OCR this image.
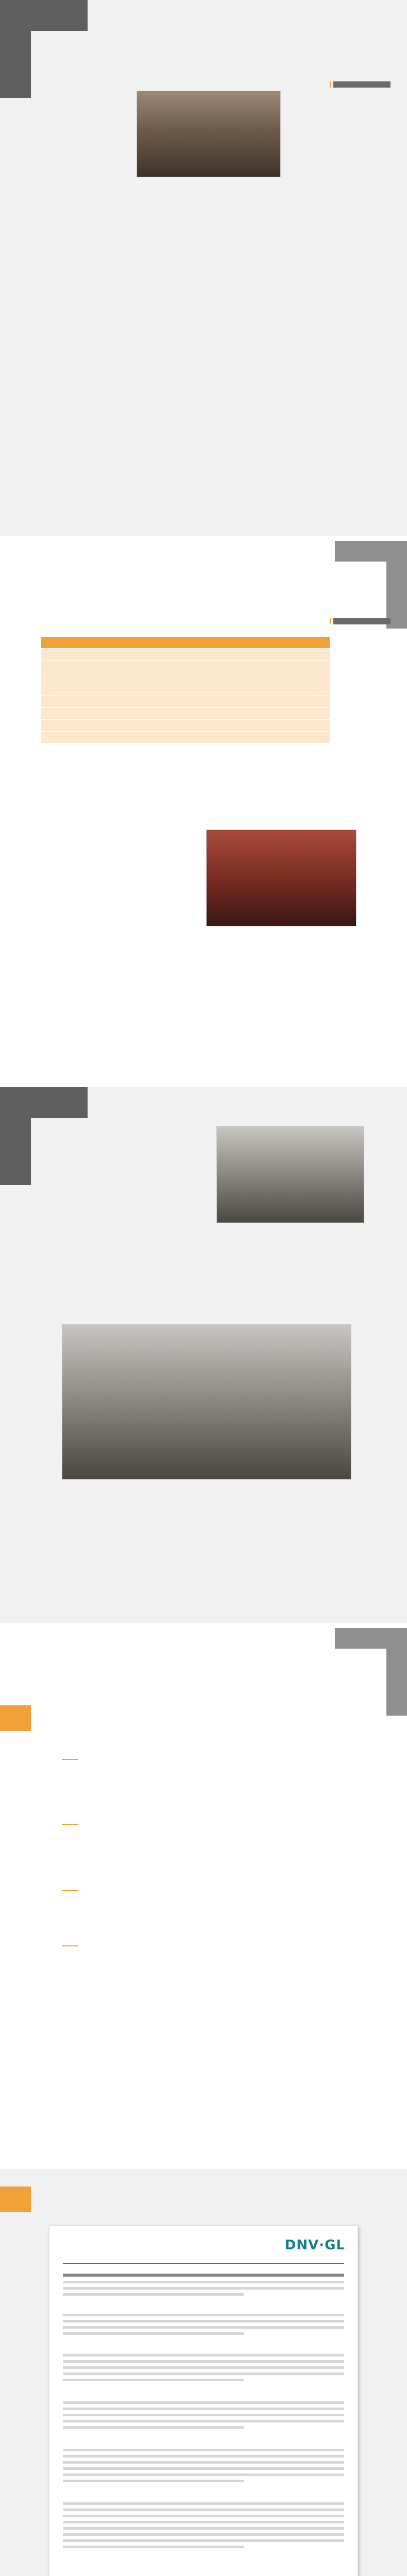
DNV·GL
